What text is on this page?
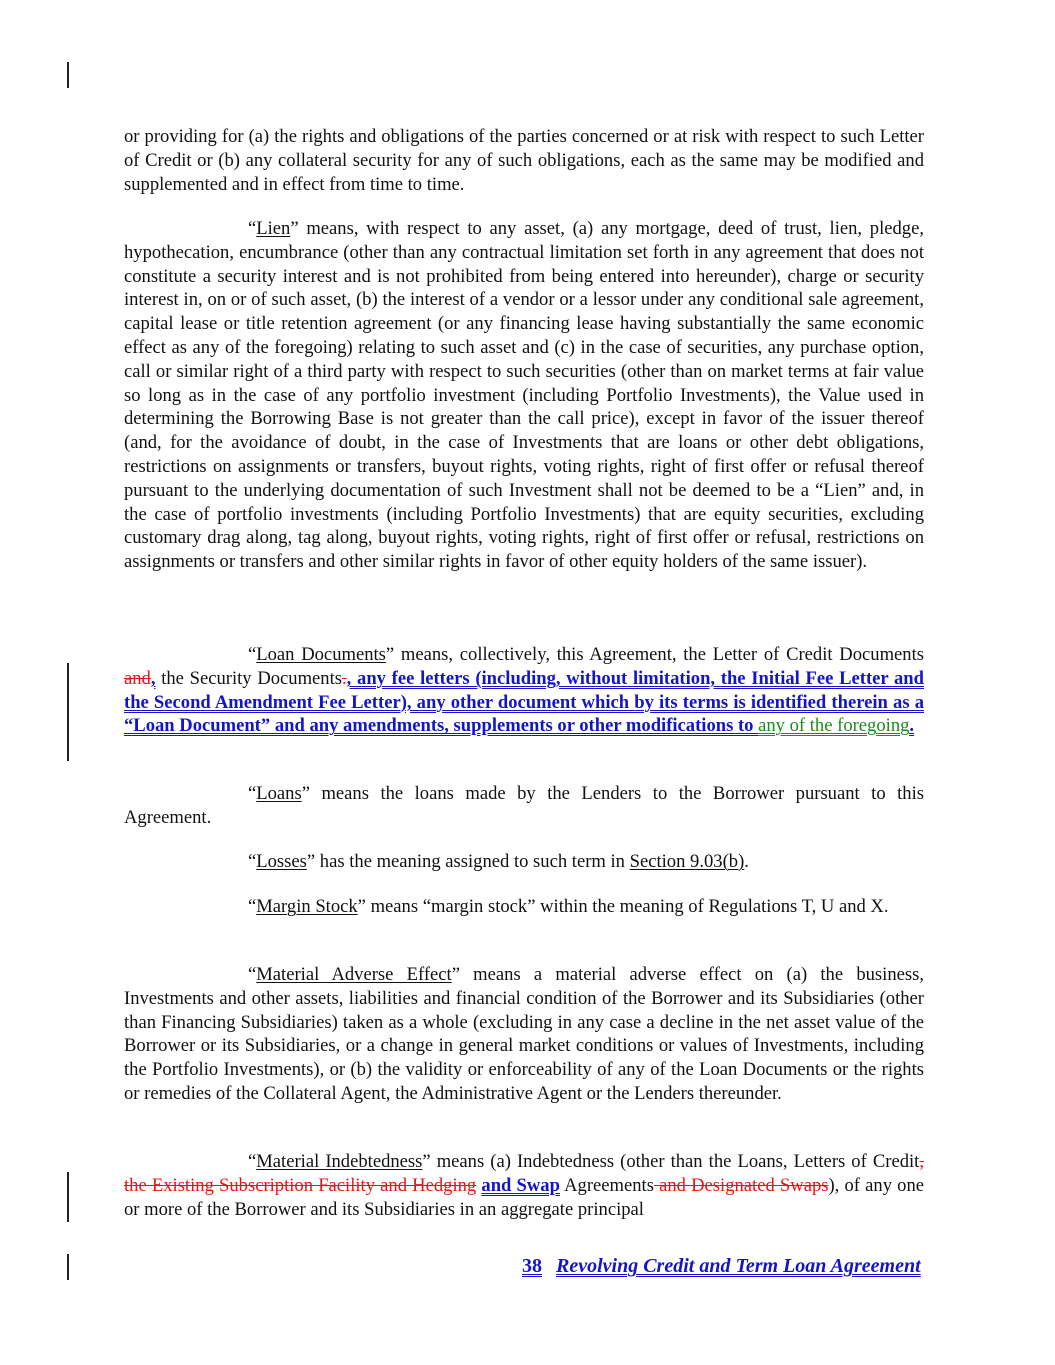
or providing for (a) the rights and obligations of the parties concerned or at risk with respect to such Letter of Credit or (b) any collateral security for any of such obligations, each as the same may be modified and supplemented and in effect from time to time.

“Lien” means, with respect to any asset, (a) any mortgage, deed of trust, lien, pledge, hypothecation, encumbrance (other than any contractual limitation set forth in any agreement that does not constitute a security interest and is not prohibited from being entered into hereunder), charge or security interest in, on or of such asset, (b) the interest of a vendor or a lessor under any conditional sale agreement, capital lease or title retention agreement (or any financing lease having substantially the same economic effect as any of the foregoing) relating to such asset and (c) in the case of securities, any purchase option, call or similar right of a third party with respect to such securities (other than on market terms at fair value so long as in the case of any portfolio investment (including Portfolio Investments), the Value used in determining the Borrowing Base is not greater than the call price), except in favor of the issuer thereof (and, for the avoidance of doubt, in the case of Investments that are loans or other debt obligations, restrictions on assignments or transfers, buyout rights, voting rights, right of first offer or refusal thereof pursuant to the underlying documentation of such Investment shall not be deemed to be a “Lien” and, in the case of portfolio investments (including Portfolio Investments) that are equity securities, excluding customary drag along, tag along, buyout rights, voting rights, right of first offer or refusal, restrictions on assignments or transfers and other similar rights in favor of other equity holders of the same issuer).

“Loan Documents” means, collectively, this Agreement, the Letter of Credit Documents and, the Security Documents., any fee letters (including, without limitation, the Initial Fee Letter and the Second Amendment Fee Letter), any other document which by its terms is identified therein as a “Loan Document” and any amendments, supplements or other modifications to any of the foregoing.

“Loans” means the loans made by the Lenders to the Borrower pursuant to this Agreement.

“Losses” has the meaning assigned to such term in Section 9.03(b).

“Margin Stock” means “margin stock” within the meaning of Regulations T, U and X.

“Material Adverse Effect” means a material adverse effect on (a) the business, Investments and other assets, liabilities and financial condition of the Borrower and its Subsidiaries (other than Financing Subsidiaries) taken as a whole (excluding in any case a decline in the net asset value of the Borrower or its Subsidiaries, or a change in general market conditions or values of Investments, including the Portfolio Investments), or (b) the validity or enforceability of any of the Loan Documents or the rights or remedies of the Collateral Agent, the Administrative Agent or the Lenders thereunder.

“Material Indebtedness” means (a) Indebtedness (other than the Loans, Letters of Credit, the Existing Subscription Facility and Hedging and Swap Agreements and Designated Swaps), of any one or more of the Borrower and its Subsidiaries in an aggregate principal

38 Revolving Credit and Term Loan Agreement
